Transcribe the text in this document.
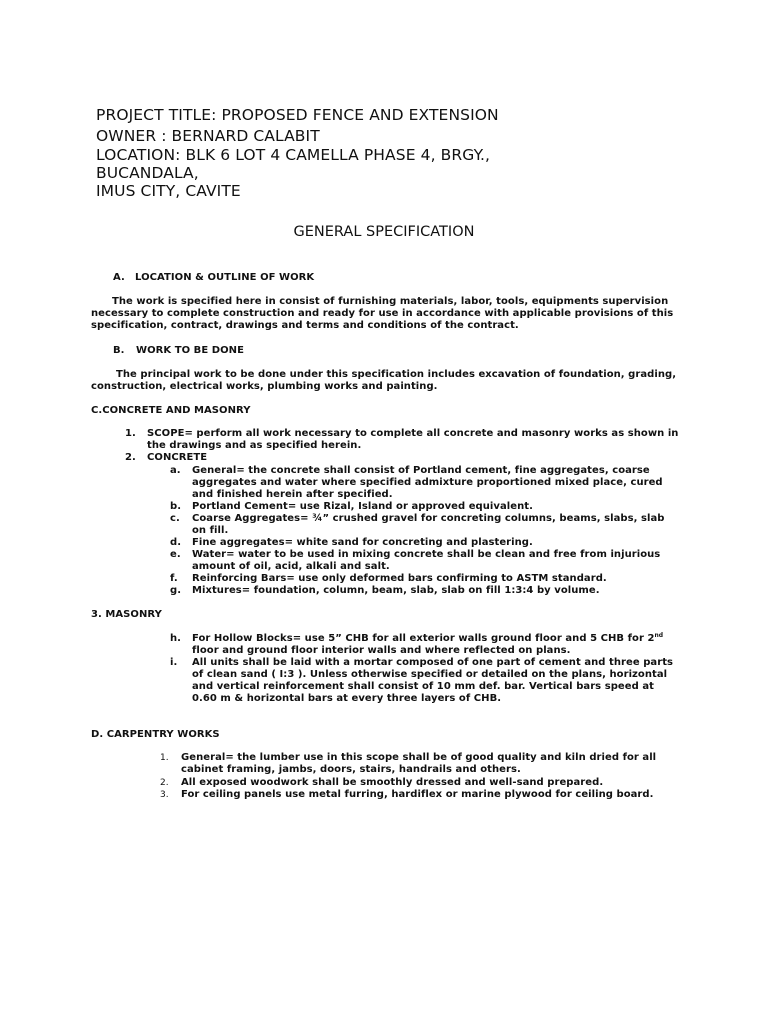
PROJECT TITLE: PROPOSED FENCE AND EXTENSION
OWNER : BERNARD CALABIT
LOCATION: BLK 6 LOT 4 CAMELLA PHASE 4, BRGY.,
BUCANDALA,
IMUS CITY, CAVITE
GENERAL SPECIFICATION
A. LOCATION & OUTLINE OF WORK
The work is specified here in consist of furnishing materials, labor, tools, equipments supervision
necessary to complete construction and ready for use in accordance with applicable provisions of this
specification, contract, drawings and terms and conditions of the contract.
B. WORK TO BE DONE
The principal work to be done under this specification includes excavation of foundation, grading,
construction, electrical works, plumbing works and painting.
C.CONCRETE AND MASONRY
1. SCOPE= perform all work necessary to complete all concrete and masonry works as shown in
the drawings and as specified herein.
2. CONCRETE
a. General= the concrete shall consist of Portland cement, fine aggregates, coarse
aggregates and water where specified admixture proportioned mixed place, cured
and finished herein after specified.
b. Portland Cement= use Rizal, Island or approved equivalent.
c. Coarse Aggregates= ¾” crushed gravel for concreting columns, beams, slabs, slab
on fill.
d. Fine aggregates= white sand for concreting and plastering.
e. Water= water to be used in mixing concrete shall be clean and free from injurious
amount of oil, acid, alkali and salt.
f. Reinforcing Bars= use only deformed bars confirming to ASTM standard.
g. Mixtures= foundation, column, beam, slab, slab on fill 1:3:4 by volume.
3. MASONRY
h. For Hollow Blocks= use 5” CHB for all exterior walls ground floor and 5 CHB for 2nd
floor and ground floor interior walls and where reflected on plans.
i. All units shall be laid with a mortar composed of one part of cement and three parts
of clean sand ( I:3 ). Unless otherwise specified or detailed on the plans, horizontal
and vertical reinforcement shall consist of 10 mm def. bar. Vertical bars speed at
0.60 m & horizontal bars at every three layers of CHB.
D. CARPENTRY WORKS
1. General= the lumber use in this scope shall be of good quality and kiln dried for all
cabinet framing, jambs, doors, stairs, handrails and others.
2. All exposed woodwork shall be smoothly dressed and well-sand prepared.
3. For ceiling panels use metal furring, hardiflex or marine plywood for ceiling board.
